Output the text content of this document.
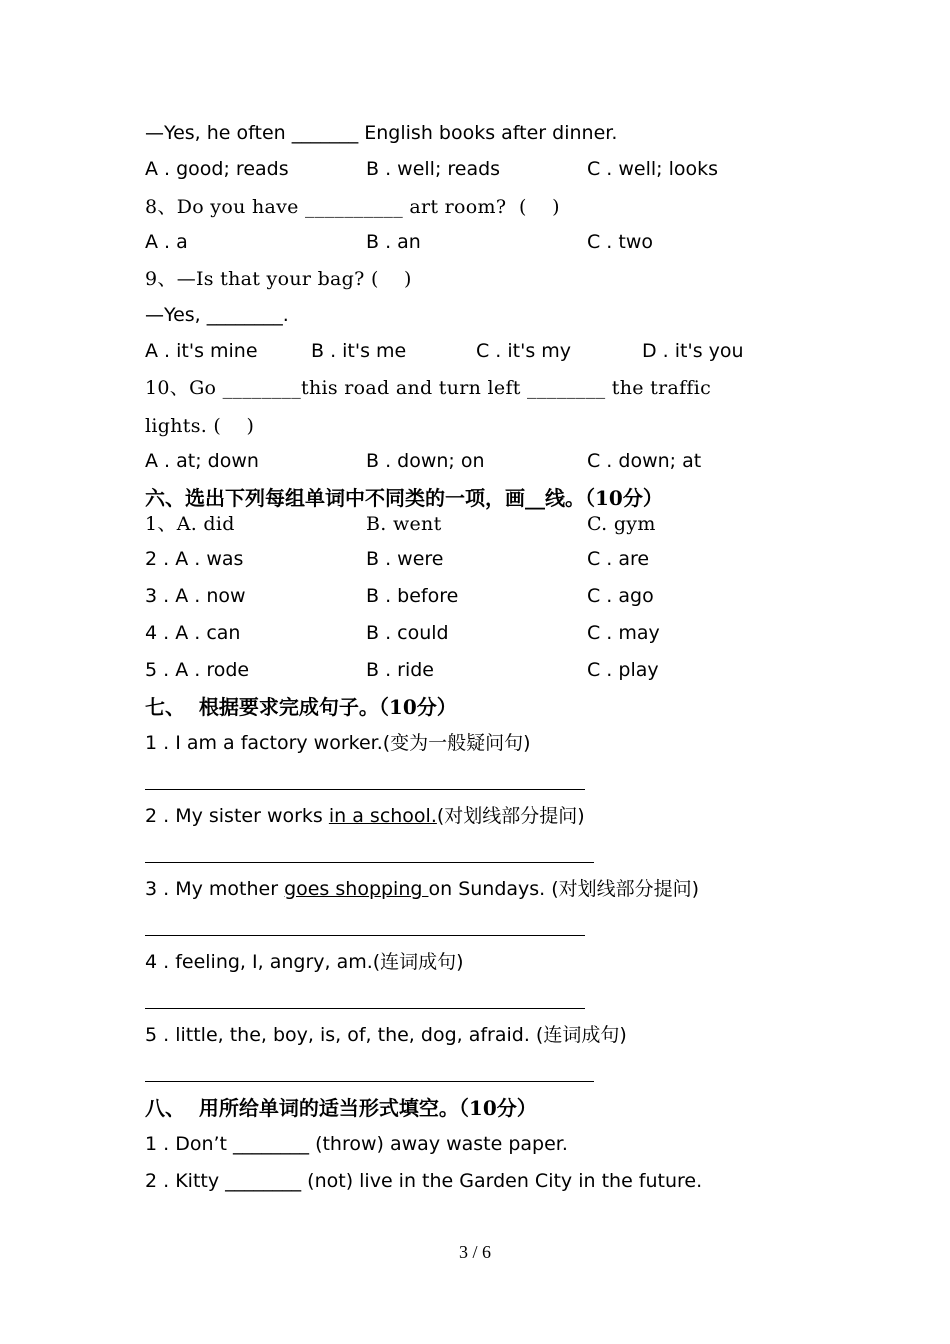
—Yes, he often _______ English books after dinner.
A . good; reads	B . well; reads	C . well; looks
8、Do you have __________ art room?  (    )
A . a	B . an	C . two
9、—Is that your bag? (    )
—Yes, ________.
A . it's mine	B . it's me	C . it's my	D . it's you
10、Go ________this road and turn left ________ the traffic
lights. (    )
A . at; down	B . down; on	C . down; at
六、选出下列每组单词中不同类的一项，画__线。（10分）
1、A. did	B. went	C. gym
2 . A . was	B . were	C . are
3 . A . now	B . before	C . ago
4 . A . can	B . could	C . may
5 . A . rode	B . ride	C . play
七、  根据要求完成句子。（10分）
1 . I am a factory worker.(变为一般疑问句)
2 . My sister works in a school.(对划线部分提问)
3 . My mother goes shopping on Sundays. (对划线部分提问)
4 . feeling, I, angry, am.(连词成句)
5 . little, the, boy, is, of, the, dog, afraid. (连词成句)
八、  用所给单词的适当形式填空。（10分）
1 . Don’t ________ (throw) away waste paper.
2 . Kitty ________ (not) live in the Garden City in the future.
3 / 6
